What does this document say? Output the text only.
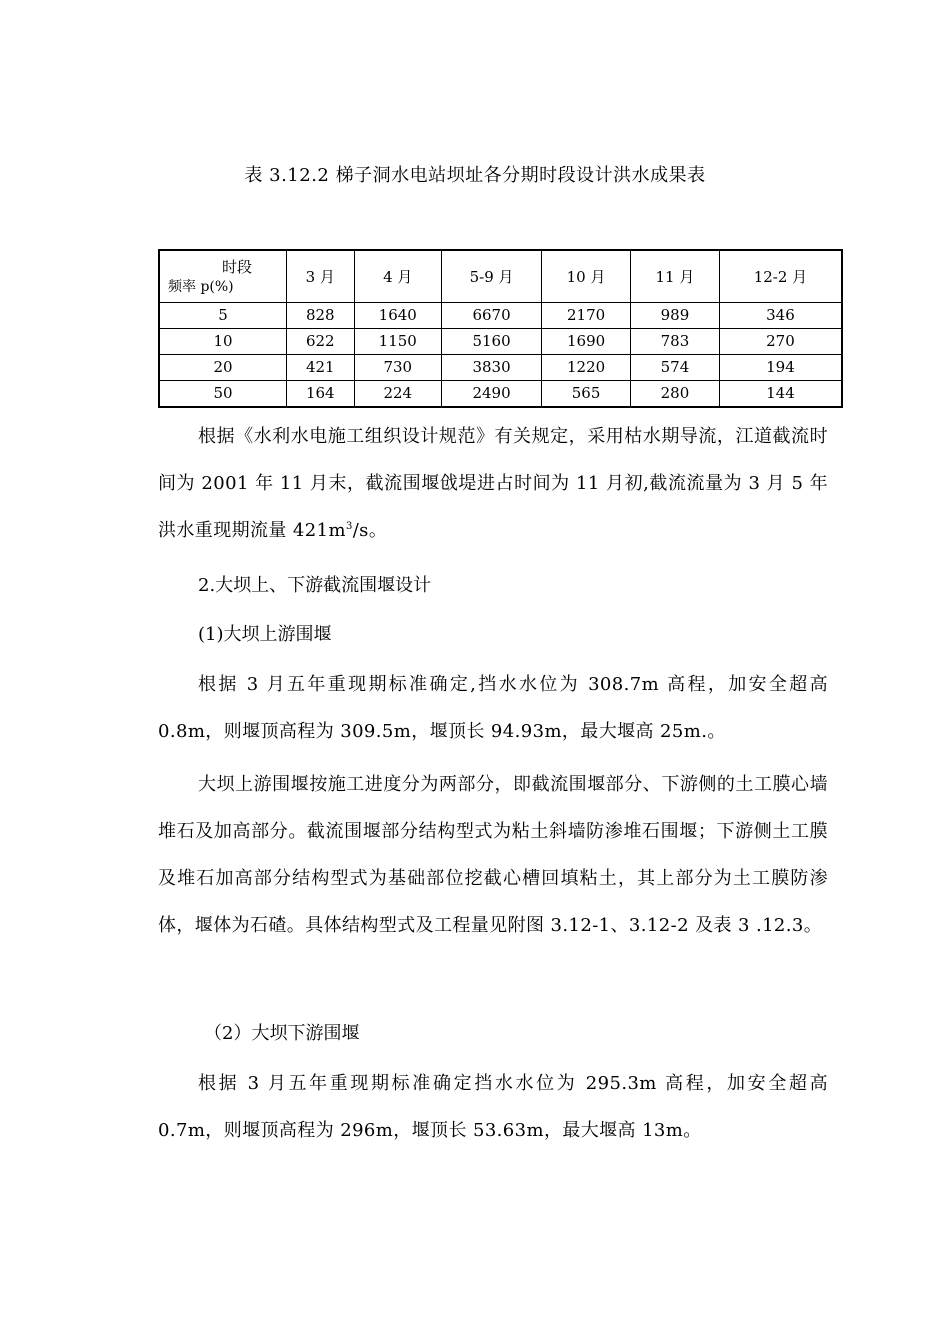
表 3.12.2 梯子洞水电站坝址各分期时段设计洪水成果表
时段
频率 p(%)	3 月	4 月	5-9 月	10 月	11 月	12-2 月
5	828	1640	6670	2170	989	346
10	622	1150	5160	1690	783	270
20	421	730	3830	1220	574	194
50	164	224	2490	565	280	144

根据《水利水电施工组织设计规范》有关规定，采用枯水期导流，江道截流时间为 2001 年 11 月末，截流围堰戗堤进占时间为 11 月初,截流流量为 3 月 5 年洪水重现期流量 $421m^3/s$。

2.大坝上、下游截流围堰设计

(1)大坝上游围堰

根据 3 月五年重现期标准确定,挡水水位为 308.7m 高程，加安全超高 0.8m，则堰顶高程为 309.5m，堰顶长 94.93m，最大堰高 25m.。

大坝上游围堰按施工进度分为两部分，即截流围堰部分、下游侧的土工膜心墙堆石及加高部分。截流围堰部分结构型式为粘土斜墙防渗堆石围堰；下游侧土工膜及堆石加高部分结构型式为基础部位挖截心槽回填粘土，其上部分为土工膜防渗体，堰体为石碴。具体结构型式及工程量见附图 3.12-1、3.12-2 及表 3 .12.3。

（2）大坝下游围堰

根据 3 月五年重现期标准确定挡水水位为 295.3m 高程，加安全超高 0.7m，则堰顶高程为 296m，堰顶长 53.63m，最大堰高 13m。
